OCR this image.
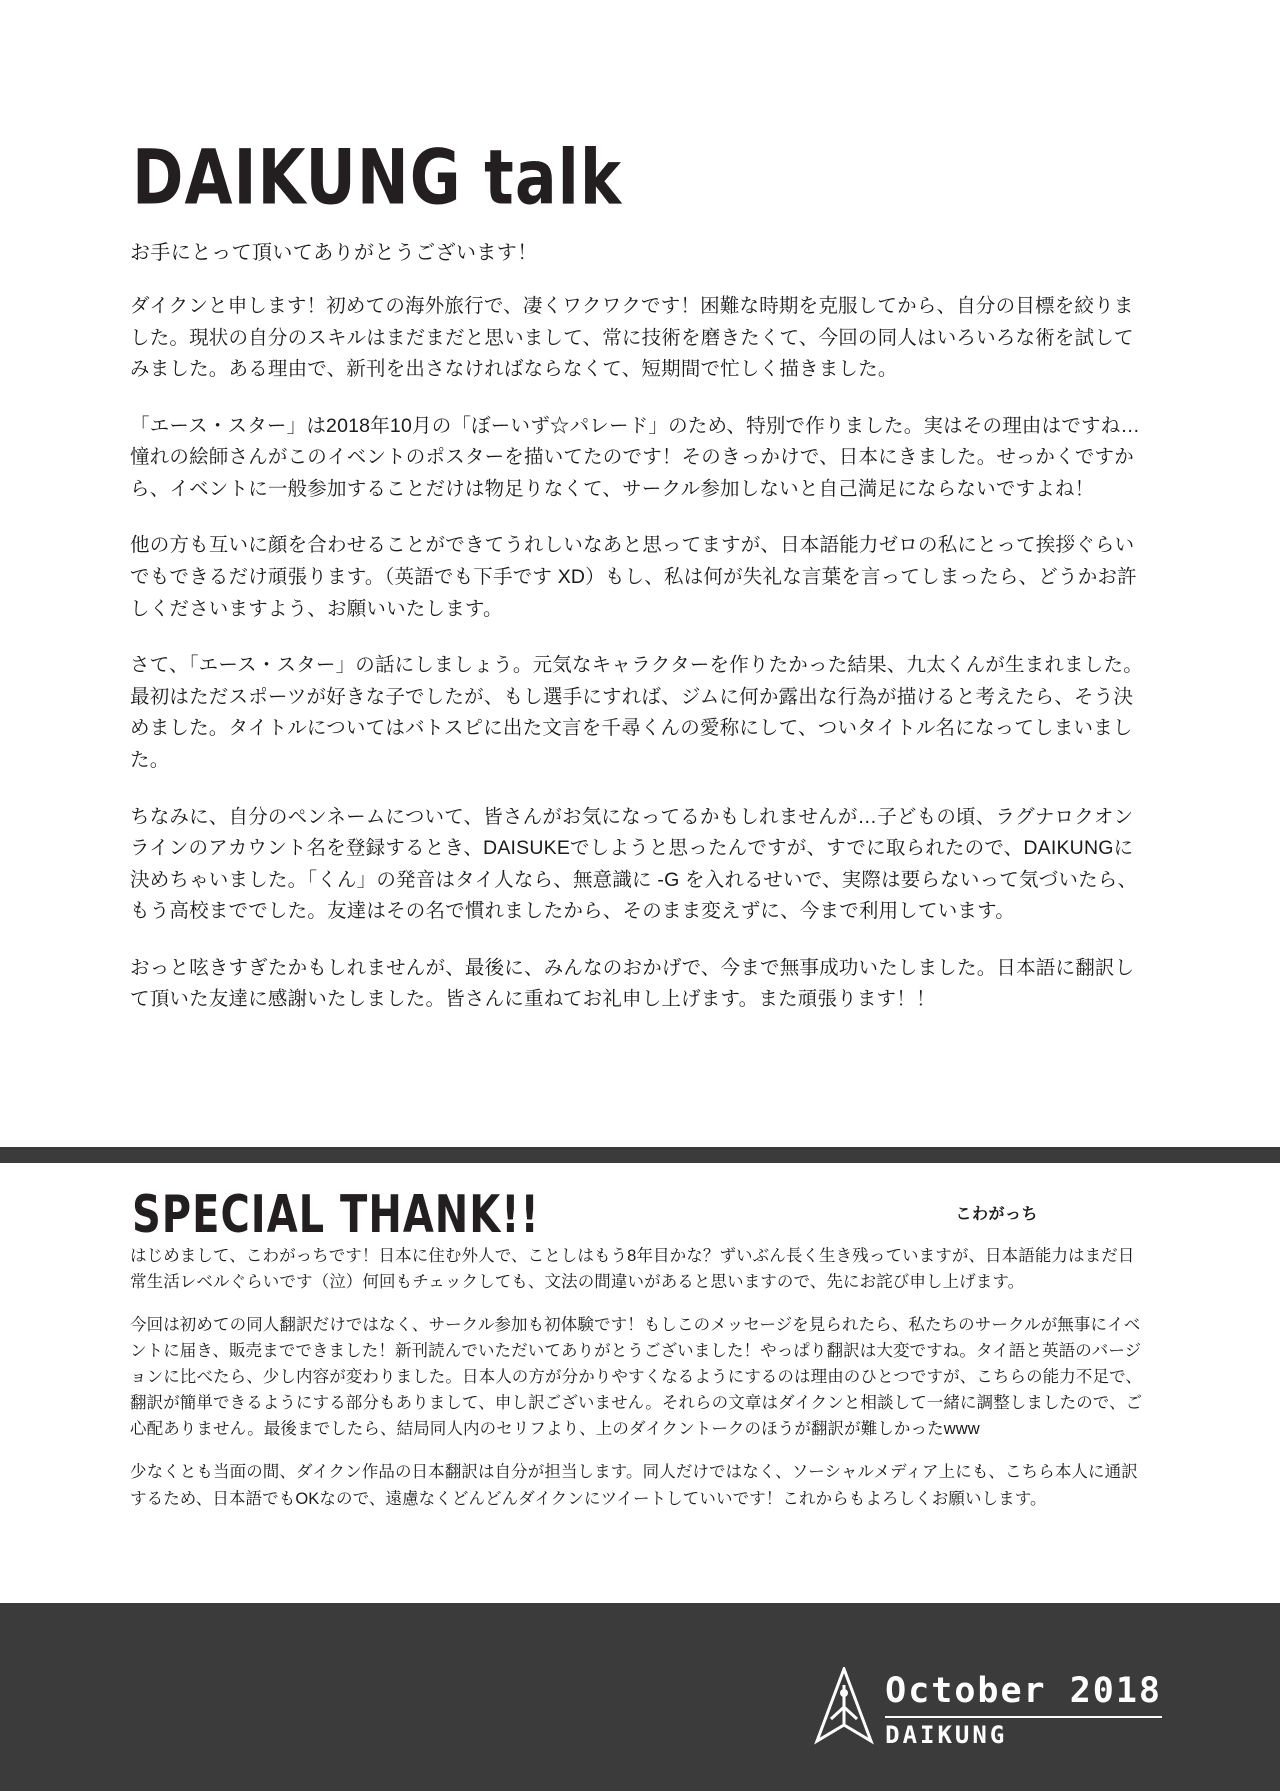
DAIKUNG talk
お手にとって頂いてありがとうございます！

ダイクンと申します！初めての海外旅行で、凄くワクワクです！困難な時期を克服してから、自分の目標を絞りました。現状の自分のスキルはまだまだと思いまして、常に技術を磨きたくて、今回の同人はいろいろな術を試してみました。ある理由で、新刊を出さなければならなくて、短期間で忙しく描きました。

「エース・スター」は2018年10月の「ぼーいず☆パレード」のため、特別で作りました。実はその理由はですね… 憧れの絵師さんがこのイベントのポスターを描いてたのです！そのきっかけで、日本にきました。せっかくですから、イベントに一般参加することだけは物足りなくて、サークル参加しないと自己満足にならないですよね！

他の方も互いに顔を合わせることができてうれしいなあと思ってますが、日本語能力ゼロの私にとって挨拶ぐらいでもできるだけ頑張ります。（英語でも下手です XD）もし、私は何が失礼な言葉を言ってしまったら、どうかお許しくださいますよう、お願いいたします。

さて、「エース・スター」の話にしましょう。元気なキャラクターを作りたかった結果、九太くんが生まれました。最初はただスポーツが好きな子でしたが、もし選手にすれば、ジムに何か露出な行為が描けると考えたら、そう決めました。タイトルについてはバトスピに出た文言を千尋くんの愛称にして、ついタイトル名になってしまいました。

ちなみに、自分のペンネームについて、皆さんがお気になってるかもしれませんが…子どもの頃、ラグナロクオンラインのアカウント名を登録するとき、DAISUKEでしようと思ったんですが、すでに取られたので、DAIKUNGに決めちゃいました。「くん」の発音はタイ人なら、無意識に -G を入れるせいで、実際は要らないって気づいたら、もう高校まででした。友達はその名で慣れましたから、そのまま変えずに、今まで利用しています。

おっと呟きすぎたかもしれませんが、最後に、みんなのおかげで、今まで無事成功いたしました。日本語に翻訳して頂いた友達に感謝いたしました。皆さんに重ねてお礼申し上げます。また頑張ります！！

SPECIAL THANK!!	こわがっち

はじめまして、こわがっちです！日本に住む外人で、ことしはもう8年目かな？ずいぶん長く生き残っていますが、日本語能力はまだ日常生活レベルぐらいです（泣）何回もチェックしても、文法の間違いがあると思いますので、先にお詫び申し上げます。

今回は初めての同人翻訳だけではなく、サークル参加も初体験です！もしこのメッセージを見られたら、私たちのサークルが無事にイベントに届き、販売までできました！新刊読んでいただいてありがとうございました！やっぱり翻訳は大変ですね。タイ語と英語のバージョンに比べたら、少し内容が変わりました。日本人の方が分かりやすくなるようにするのは理由のひとつですが、こちらの能力不足で、翻訳が簡単できるようにする部分もありまして、申し訳ございません。それらの文章はダイクンと相談して一緒に調整しましたので、ご心配ありません。最後までしたら、結局同人内のセリフより、上のダイクントークのほうが翻訳が難しかったwww

少なくとも当面の間、ダイクン作品の日本翻訳は自分が担当します。同人だけではなく、ソーシャルメディア上にも、こちら本人に通訳するため、日本語でもOKなので、遠慮なくどんどんダイクンにツイートしていいです！これからもよろしくお願いします。

October 2018
DAIKUNG
